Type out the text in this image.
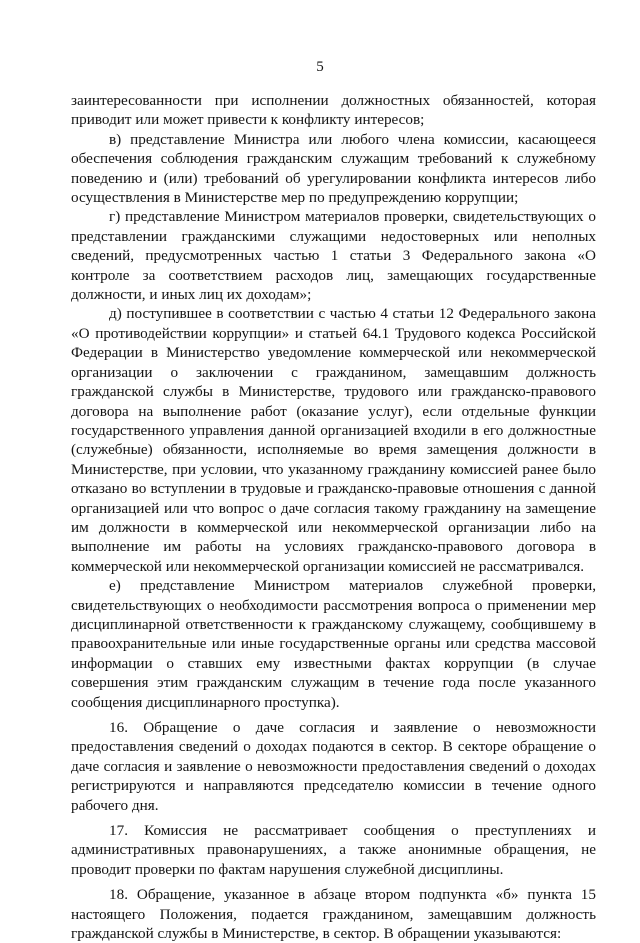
5

заинтересованности при исполнении должностных обязанностей, которая приводит или может привести к конфликту интересов;

в) представление Министра или любого члена комиссии, касающееся обеспечения соблюдения гражданским служащим требований к служебному поведению и (или) требований об урегулировании конфликта интересов либо осуществления в Министерстве мер по предупреждению коррупции;

г) представление Министром материалов проверки, свидетельствующих о представлении гражданскими служащими недостоверных или неполных сведений, предусмотренных частью 1 статьи 3 Федерального закона «О контроле за соответствием расходов лиц, замещающих государственные должности, и иных лиц их доходам»;

д) поступившее в соответствии с частью 4 статьи 12 Федерального закона «О противодействии коррупции» и статьей 64.1 Трудового кодекса Российской Федерации в Министерство уведомление коммерческой или некоммерческой организации о заключении с гражданином, замещавшим должность гражданской службы в Министерстве, трудового или гражданско-правового договора на выполнение работ (оказание услуг), если отдельные функции государственного управления данной организацией входили в его должностные (служебные) обязанности, исполняемые во время замещения должности в Министерстве, при условии, что указанному гражданину комиссией ранее было отказано во вступлении в трудовые и гражданско-правовые отношения с данной организацией или что вопрос о даче согласия такому гражданину на замещение им должности в коммерческой или некоммерческой организации либо на выполнение им работы на условиях гражданско-правового договора в коммерческой или некоммерческой организации комиссией не рассматривался.

е) представление Министром материалов служебной проверки, свидетельствующих о необходимости рассмотрения вопроса о применении мер дисциплинарной ответственности к гражданскому служащему, сообщившему в правоохранительные или иные государственные органы или средства массовой информации о ставших ему известными фактах коррупции (в случае совершения этим гражданским служащим в течение года после указанного сообщения дисциплинарного проступка).

16. Обращение о даче согласия и заявление о невозможности предоставления сведений о доходах подаются в сектор. В секторе обращение о даче согласия и заявление о невозможности предоставления сведений о доходах регистрируются и направляются председателю комиссии в течение одного рабочего дня.

17. Комиссия не рассматривает сообщения о преступлениях и административных правонарушениях, а также анонимные обращения, не проводит проверки по фактам нарушения служебной дисциплины.

18. Обращение, указанное в абзаце втором подпункта «б» пункта 15 настоящего Положения, подается гражданином, замещавшим должность гражданской службы в Министерстве, в сектор. В обращении указываются:
